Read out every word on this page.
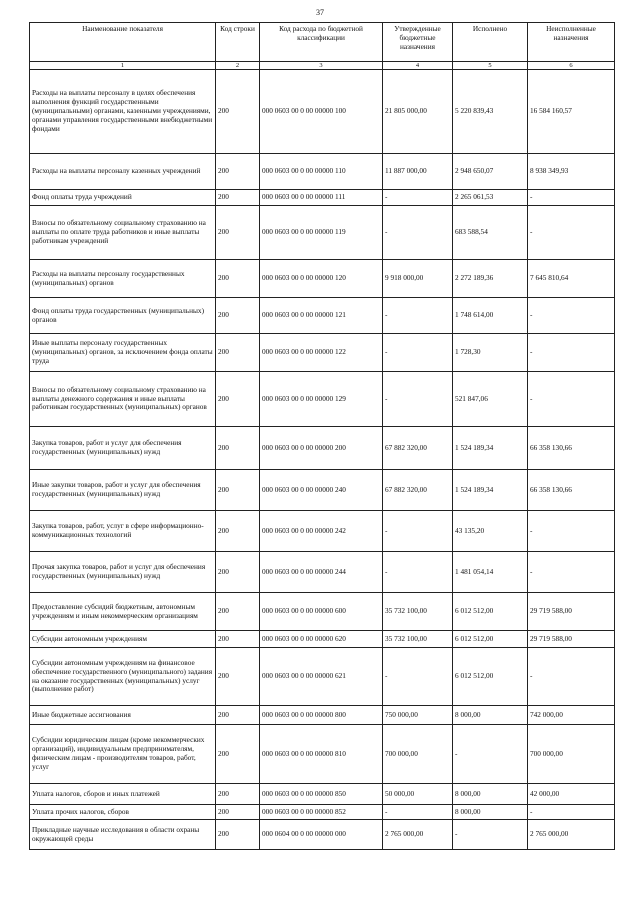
37
Наименование показателя	Код строки	Код расхода по бюджетной классификации	Утвержденные бюджетные назначения	Исполнено	Неисполненные назначения
1	2	3	4	5	6
Расходы на выплаты персоналу в целях обеспечения выполнения функций государственными (муниципальными) органами, казенными учреждениями, органами управления государственными внебюджетными фондами	200	000 0603 00 0 00 00000 100	21 805 000,00	5 220 839,43	16 584 160,57
Расходы на выплаты персоналу казенных учреждений	200	000 0603 00 0 00 00000 110	11 887 000,00	2 948 650,07	8 938 349,93
Фонд оплаты труда учреждений	200	000 0603 00 0 00 00000 111	-	2 265 061,53	-
Взносы по обязательному социальному страхованию на выплаты по оплате труда работников и иные выплаты работникам учреждений	200	000 0603 00 0 00 00000 119	-	683 588,54	-
Расходы на выплаты персоналу государственных (муниципальных) органов	200	000 0603 00 0 00 00000 120	9 918 000,00	2 272 189,36	7 645 810,64
Фонд оплаты труда государственных (муниципальных) органов	200	000 0603 00 0 00 00000 121	-	1 748 614,00	-
Иные выплаты персоналу государственных (муниципальных) органов, за исключением фонда оплаты труда	200	000 0603 00 0 00 00000 122	-	1 728,30	-
Взносы по обязательному социальному страхованию на выплаты денежного содержания и иные выплаты работникам государственных (муниципальных) органов	200	000 0603 00 0 00 00000 129	-	521 847,06	-
Закупка товаров, работ и услуг для обеспечения государственных (муниципальных) нужд	200	000 0603 00 0 00 00000 200	67 882 320,00	1 524 189,34	66 358 130,66
Иные закупки товаров, работ и услуг для обеспечения государственных (муниципальных) нужд	200	000 0603 00 0 00 00000 240	67 882 320,00	1 524 189,34	66 358 130,66
Закупка товаров, работ, услуг в сфере информационно-коммуникационных технологий	200	000 0603 00 0 00 00000 242	-	43 135,20	-
Прочая закупка товаров, работ и услуг для обеспечения государственных (муниципальных) нужд	200	000 0603 00 0 00 00000 244	-	1 481 054,14	-
Предоставление субсидий бюджетным, автономным учреждениям и иным некоммерческим организациям	200	000 0603 00 0 00 00000 600	35 732 100,00	6 012 512,00	29 719 588,00
Субсидии автономным учреждениям	200	000 0603 00 0 00 00000 620	35 732 100,00	6 012 512,00	29 719 588,00
Субсидии автономным учреждениям на финансовое обеспечение государственного (муниципального) задания на оказание государственных (муниципальных) услуг (выполнение работ)	200	000 0603 00 0 00 00000 621	-	6 012 512,00	-
Иные бюджетные ассигнования	200	000 0603 00 0 00 00000 800	750 000,00	8 000,00	742 000,00
Субсидии юридическим лицам (кроме некоммерческих организаций), индивидуальным предпринимателям, физическим лицам - производителям товаров, работ, услуг	200	000 0603 00 0 00 00000 810	700 000,00	-	700 000,00
Уплата налогов, сборов и иных платежей	200	000 0603 00 0 00 00000 850	50 000,00	8 000,00	42 000,00
Уплата прочих налогов, сборов	200	000 0603 00 0 00 00000 852	-	8 000,00	-
Прикладные научные исследования в области охраны окружающей среды	200	000 0604 00 0 00 00000 000	2 765 000,00	-	2 765 000,00
